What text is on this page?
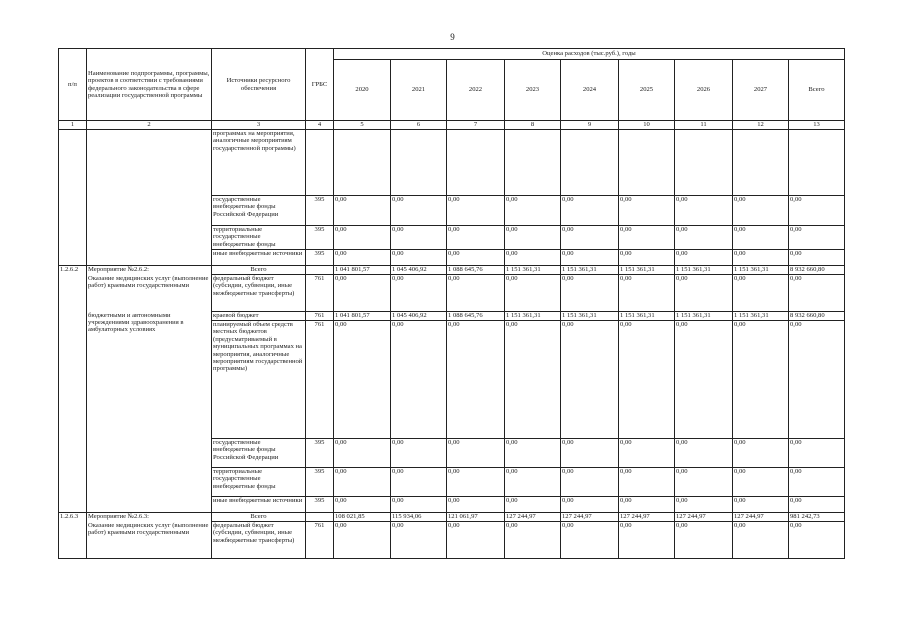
9
п/п	Наименование подпрограммы, программы, проектов в соответствии с требованиями федерального законодательства в сфере реализации государственной программы	Источники ресурсного обеспечения	ГРБС	Оценка расходов (тыс.руб.), годы								
				2020	2021	2022	2023	2024	2025	2026	2027	Всего
1	2	3	4	5	6	7	8	9	10	11	12	13
		программах на мероприятия, аналогичные мероприятиям государственной программы)										
		государственные внебюджетные фонды Российской Федерации	395	0,00	0,00	0,00	0,00	0,00	0,00	0,00	0,00	0,00
		территориальные государственные внебюджетные фонды	395	0,00	0,00	0,00	0,00	0,00	0,00	0,00	0,00	0,00
		иные внебюджетные источники	395	0,00	0,00	0,00	0,00	0,00	0,00	0,00	0,00	0,00
1.2.6.2	Мероприятие №2.6.2:	Всего		1 041 801,57	1 045 406,92	1 088 645,76	1 151 361,31	1 151 361,31	1 151 361,31	1 151 361,31	1 151 361,31	8 932 660,80
	Оказание медицинских услуг (выполнение работ) краевыми государственными	федеральный бюджет (субсидии, субвенции, иные межбюджетные трансферты)	761	0,00	0,00	0,00	0,00	0,00	0,00	0,00	0,00	0,00
	бюджетными и автономными учреждениями здравоохранения в амбулаторных условиях	краевой бюджет	761	1 041 801,57	1 045 406,92	1 088 645,76	1 151 361,31	1 151 361,31	1 151 361,31	1 151 361,31	1 151 361,31	8 932 660,80
		планируемый объем средств местных бюджетов (предусматриваемый в муниципальных программах на мероприятия, аналогичные мероприятиям государственной программы)	761	0,00	0,00	0,00	0,00	0,00	0,00	0,00	0,00	0,00
		государственные внебюджетные фонды Российской Федерации	395	0,00	0,00	0,00	0,00	0,00	0,00	0,00	0,00	0,00
		территориальные государственные внебюджетные фонды	395	0,00	0,00	0,00	0,00	0,00	0,00	0,00	0,00	0,00
		иные внебюджетные источники	395	0,00	0,00	0,00	0,00	0,00	0,00	0,00	0,00	0,00
1.2.6.3	Мероприятие №2.6.3:	Всего		108 021,85	115 934,06	121 061,97	127 244,97	127 244,97	127 244,97	127 244,97	127 244,97	981 242,73
	Оказание медицинских услуг (выполнение работ) краевыми государственными	федеральный бюджет (субсидии, субвенции, иные межбюджетные трансферты)	761	0,00	0,00	0,00	0,00	0,00	0,00	0,00	0,00	0,00
